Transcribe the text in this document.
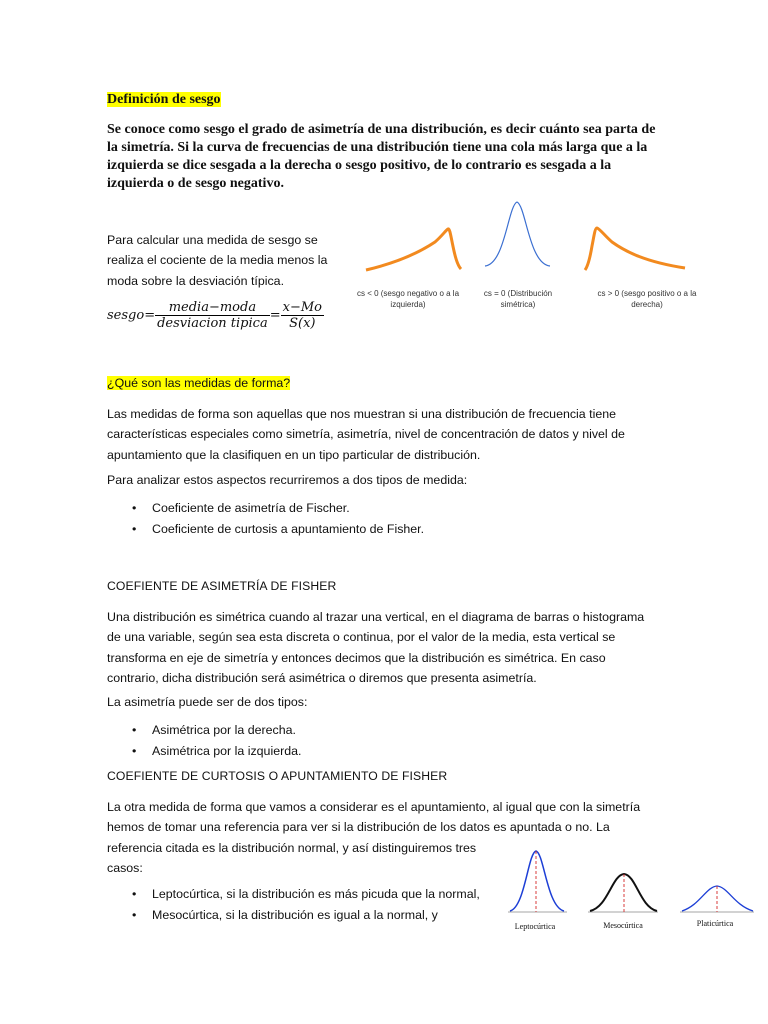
Definición de sesgo
Se conoce como sesgo el grado de asimetría de una distribución, es decir cuánto sea parta de
la simetría. Si la curva de frecuencias de una distribución tiene una cola más larga que a la
izquierda se dice sesgada a la derecha o sesgo positivo, de lo contrario es sesgada a la
izquierda o de sesgo negativo.
Para calcular una medida de sesgo se
realiza el cociente de la media menos la
moda sobre la desviación típica.
sesgo= $\frac{\text{media−moda}}{\text{desviacion tipica}} = \frac{x-Mo}{S(x)}$
cs < 0 (sesgo negativo o a la
izquierda)
cs = 0 (Distribución
simétrica)
cs > 0 (sesgo positivo o a la
derecha)
¿Qué son las medidas de forma?
Las medidas de forma son aquellas que nos muestran si una distribución de frecuencia tiene
características especiales como simetría, asimetría, nivel de concentración de datos y nivel de
apuntamiento que la clasifiquen en un tipo particular de distribución.
Para analizar estos aspectos recurriremos a dos tipos de medida:
• Coeficiente de asimetría de Fischer.
• Coeficiente de curtosis a apuntamiento de Fisher.
COEFIENTE DE ASIMETRÍA DE FISHER
Una distribución es simétrica cuando al trazar una vertical, en el diagrama de barras o histograma
de una variable, según sea esta discreta o continua, por el valor de la media, esta vertical se
transforma en eje de simetría y entonces decimos que la distribución es simétrica. En caso
contrario, dicha distribución será asimétrica o diremos que presenta asimetría.
La asimetría puede ser de dos tipos:
• Asimétrica por la derecha.
• Asimétrica por la izquierda.
COEFIENTE DE CURTOSIS O APUNTAMIENTO DE FISHER
La otra medida de forma que vamos a considerar es el apuntamiento, al igual que con la simetría
hemos de tomar una referencia para ver si la distribución de los datos es apuntada o no. La
referencia citada es la distribución normal, y así distinguiremos tres
casos:
• Leptocúrtica, si la distribución es más picuda que la normal,
• Mesocúrtica, si la distribución es igual a la normal, y
Leptocúrtica	Mesocúrtica	Platicúrtica
